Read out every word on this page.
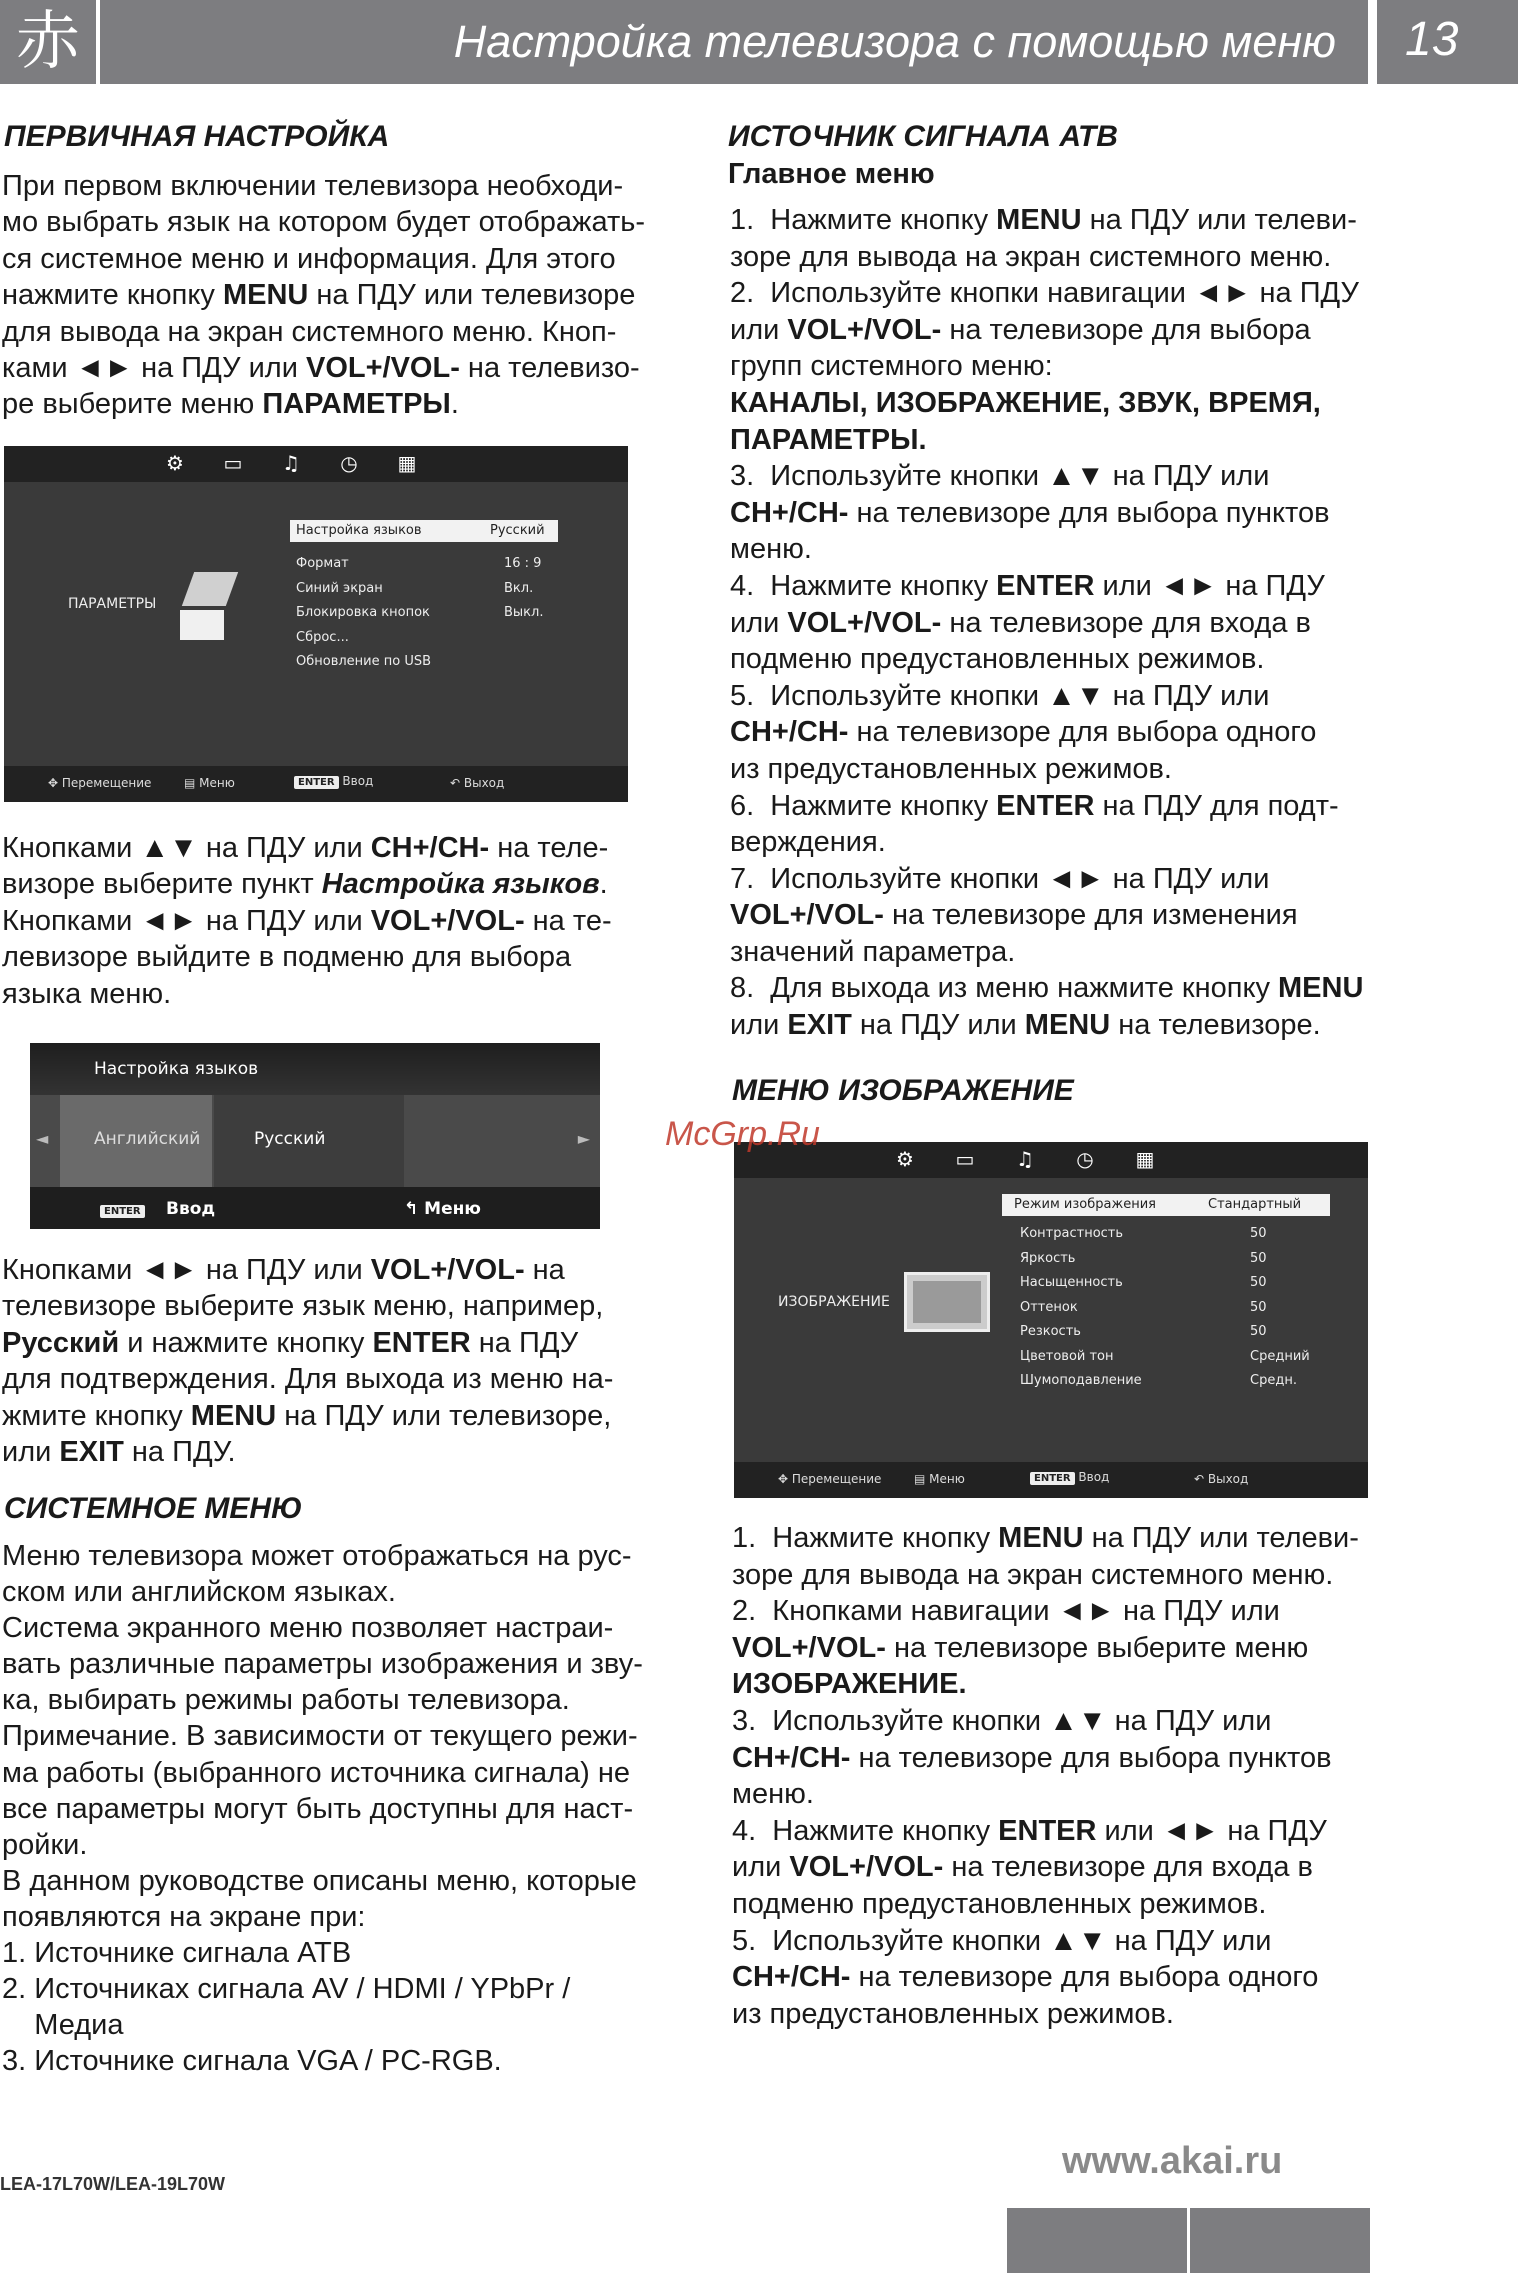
赤	Настройка телевизора с помощью меню	13
ПЕРВИЧНАЯ НАСТРОЙКА
При первом включении телевизора необходи-
мо выбрать язык на котором будет отображать-
ся системное меню и информация. Для этого
нажмите кнопку MENU на ПДУ или телевизоре
для вывода на экран системного меню. Кноп-
ками ◄► на ПДУ или VOL+/VOL- на телевизо-
ре выберите меню ПАРАМЕТРЫ.
⚙ ▭ ♫ ◷ ▦
ПАРАМЕТРЫ
Настройка языков	Русский
Формат	16 : 9
Синий экран	Вкл.
Блокировка кнопок	Выкл.
Сброс...
Обновление по USB
✥ Перемещение	▤ Меню	ENTER Ввод	↶ Выход
Кнопками ▲▼ на ПДУ или CH+/CH- на теле-
визоре выберите пункт Настройка языков.
Кнопками ◄► на ПДУ или VOL+/VOL- на те-
левизоре выйдите в подменю для выбора
языка меню.
Настройка языков
◄	Английский	Русский	►
ENTER Ввод	↰ Меню
Кнопками ◄► на ПДУ или VOL+/VOL- на
телевизоре выберите язык меню, например,
Русский и нажмите кнопку ENTER на ПДУ
для подтверждения. Для выхода из меню на-
жмите кнопку MENU на ПДУ или телевизоре,
или EXIT на ПДУ.
СИСТЕМНОЕ МЕНЮ
Меню телевизора может отображаться на рус-
ском или английском языках.
Система экранного меню позволяет настраи-
вать различные параметры изображения и зву-
ка, выбирать режимы работы телевизора.
Примечание. В зависимости от текущего режи-
ма работы (выбранного источника сигнала) не
все параметры могут быть доступны для наст-
ройки.
В данном руководстве описаны меню, которые
появляются на экране при:
1. Источнике сигнала АТВ
2. Источниках сигнала AV / HDMI / YPbPr /
Медиа
3. Источнике сигнала VGA / PC-RGB.
ИСТОЧНИК СИГНАЛА АТВ
Главное меню
1.  Нажмите кнопку MENU на ПДУ или телеви-
зоре для вывода на экран системного меню.
2.  Используйте кнопки навигации ◄► на ПДУ
или VOL+/VOL- на телевизоре для выбора
групп системного меню:
КАНАЛЫ, ИЗОБРАЖЕНИЕ, ЗВУК, ВРЕМЯ,
ПАРАМЕТРЫ.
3.  Используйте кнопки ▲▼ на ПДУ или
CH+/CH- на телевизоре для выбора пунктов
меню.
4.  Нажмите кнопку ENTER или ◄► на ПДУ
или VOL+/VOL- на телевизоре для входа в
подменю предустановленных режимов.
5.  Используйте кнопки ▲▼ на ПДУ или
CH+/CH- на телевизоре для выбора одного
из предустановленных режимов.
6.  Нажмите кнопку ENTER на ПДУ для подт-
верждения.
7.  Используйте кнопки ◄► на ПДУ или
VOL+/VOL- на телевизоре для изменения
значений параметра.
8.  Для выхода из меню нажмите кнопку MENU
или EXIT на ПДУ или MENU на телевизоре.
МЕНЮ ИЗОБРАЖЕНИЕ
⚙ ▭ ♫ ◷ ▦
ИЗОБРАЖЕНИЕ
Режим изображения	Стандартный
Контрастность	50
Яркость	50
Насыщенность	50
Оттенок	50
Резкость	50
Цветовой тон	Средний
Шумоподавление	Средн.
✥ Перемещение	▤ Меню	ENTER Ввод	↶ Выход
1.  Нажмите кнопку MENU на ПДУ или телеви-
зоре для вывода на экран системного меню.
2.  Кнопками навигации ◄► на ПДУ или
VOL+/VOL- на телевизоре выберите меню
ИЗОБРАЖЕНИЕ.
3.  Используйте кнопки ▲▼ на ПДУ или
CH+/CH- на телевизоре для выбора пунктов
меню.
4.  Нажмите кнопку ENTER или ◄► на ПДУ
или VOL+/VOL- на телевизоре для входа в
подменю предустановленных режимов.
5.  Используйте кнопки ▲▼ на ПДУ или
CH+/CH- на телевизоре для выбора одного
из предустановленных режимов.
McGrp.Ru
LEA-17L70W/LEA-19L70W
www.akai.ru
